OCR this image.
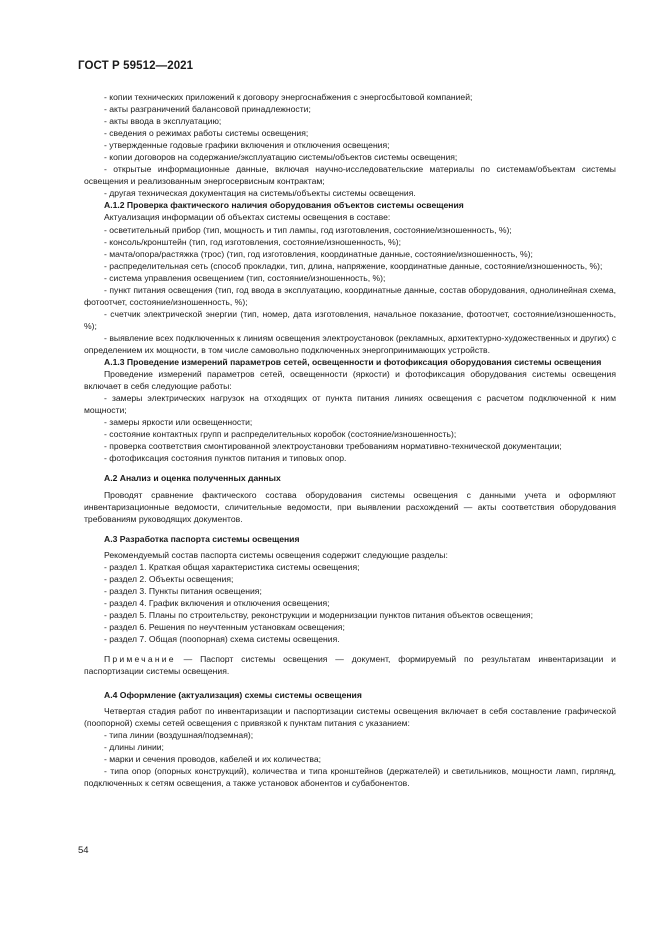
ГОСТ Р 59512—2021

- копии технических приложений к договору энергоснабжения с энергосбытовой компанией;

- акты разграничений балансовой принадлежности;

- акты ввода в эксплуатацию;

- сведения о режимах работы системы освещения;

- утвержденные годовые графики включения и отключения освещения;

- копии договоров на содержание/эксплуатацию системы/объектов системы освещения;

- открытые информационные данные, включая научно-исследовательские материалы по системам/объектам системы освещения и реализованным энергосервисным контрактам;

- другая техническая документация на системы/объекты системы освещения.

А.1.2 Проверка фактического наличия оборудования объектов системы освещения

Актуализация информации об объектах системы освещения в составе:

- осветительный прибор (тип, мощность и тип лампы, год изготовления, состояние/изношенность, %);

- консоль/кронштейн (тип, год изготовления, состояние/изношенность, %);

- мачта/опора/растяжка (трос) (тип, год изготовления, координатные данные, состояние/изношенность, %);

- распределительная сеть (способ прокладки, тип, длина, напряжение, координатные данные, состояние/изношенность, %);

- система управления освещением (тип, состояние/изношенность, %);

- пункт питания освещения (тип, год ввода в эксплуатацию, координатные данные, состав оборудования, однолинейная схема, фотоотчет, состояние/изношенность, %);

- счетчик электрической энергии (тип, номер, дата изготовления, начальное показание, фотоотчет, состояние/изношенность, %);

- выявление всех подключенных к линиям освещения электроустановок (рекламных, архитектурно-художественных и других) с определением их мощности, в том числе самовольно подключенных энергопринимающих устройств.

А.1.3 Проведение измерений параметров сетей, освещенности и фотофиксация оборудования системы освещения

Проведение измерений параметров сетей, освещенности (яркости) и фотофиксация оборудования системы освещения включает в себя следующие работы:

- замеры электрических нагрузок на отходящих от пункта питания линиях освещения с расчетом подключенной к ним мощности;

- замеры яркости или освещенности;

- состояние контактных групп и распределительных коробок (состояние/изношенность);

- проверка соответствия смонтированной электроустановки требованиям нормативно-технической документации;

- фотофиксация состояния пунктов питания и типовых опор.

А.2 Анализ и оценка полученных данных

Проводят сравнение фактического состава оборудования системы освещения с данными учета и оформляют инвентаризационные ведомости, сличительные ведомости, при выявлении расхождений — акты соответствия оборудования требованиям руководящих документов.

А.3 Разработка паспорта системы освещения

Рекомендуемый состав паспорта системы освещения содержит следующие разделы:

- раздел 1. Краткая общая характеристика системы освещения;

- раздел 2. Объекты освещения;

- раздел 3. Пункты питания освещения;

- раздел 4. График включения и отключения освещения;

- раздел 5. Планы по строительству, реконструкции и модернизации пунктов питания объектов освещения;

- раздел 6. Решения по неучтенным установкам освещения;

- раздел 7. Общая (поопорная) схема системы освещения.

Примечание — Паспорт системы освещения — документ, формируемый по результатам инвентаризации и паспортизации системы освещения.

А.4 Оформление (актуализация) схемы системы освещения

Четвертая стадия работ по инвентаризации и паспортизации системы освещения включает в себя составление графической (поопорной) схемы сетей освещения с привязкой к пунктам питания с указанием:

- типа линии (воздушная/подземная);

- длины линии;

- марки и сечения проводов, кабелей и их количества;

- типа опор (опорных конструкций), количества и типа кронштейнов (держателей) и светильников, мощности ламп, гирлянд, подключенных к сетям освещения, а также установок абонентов и субабонентов.

54
